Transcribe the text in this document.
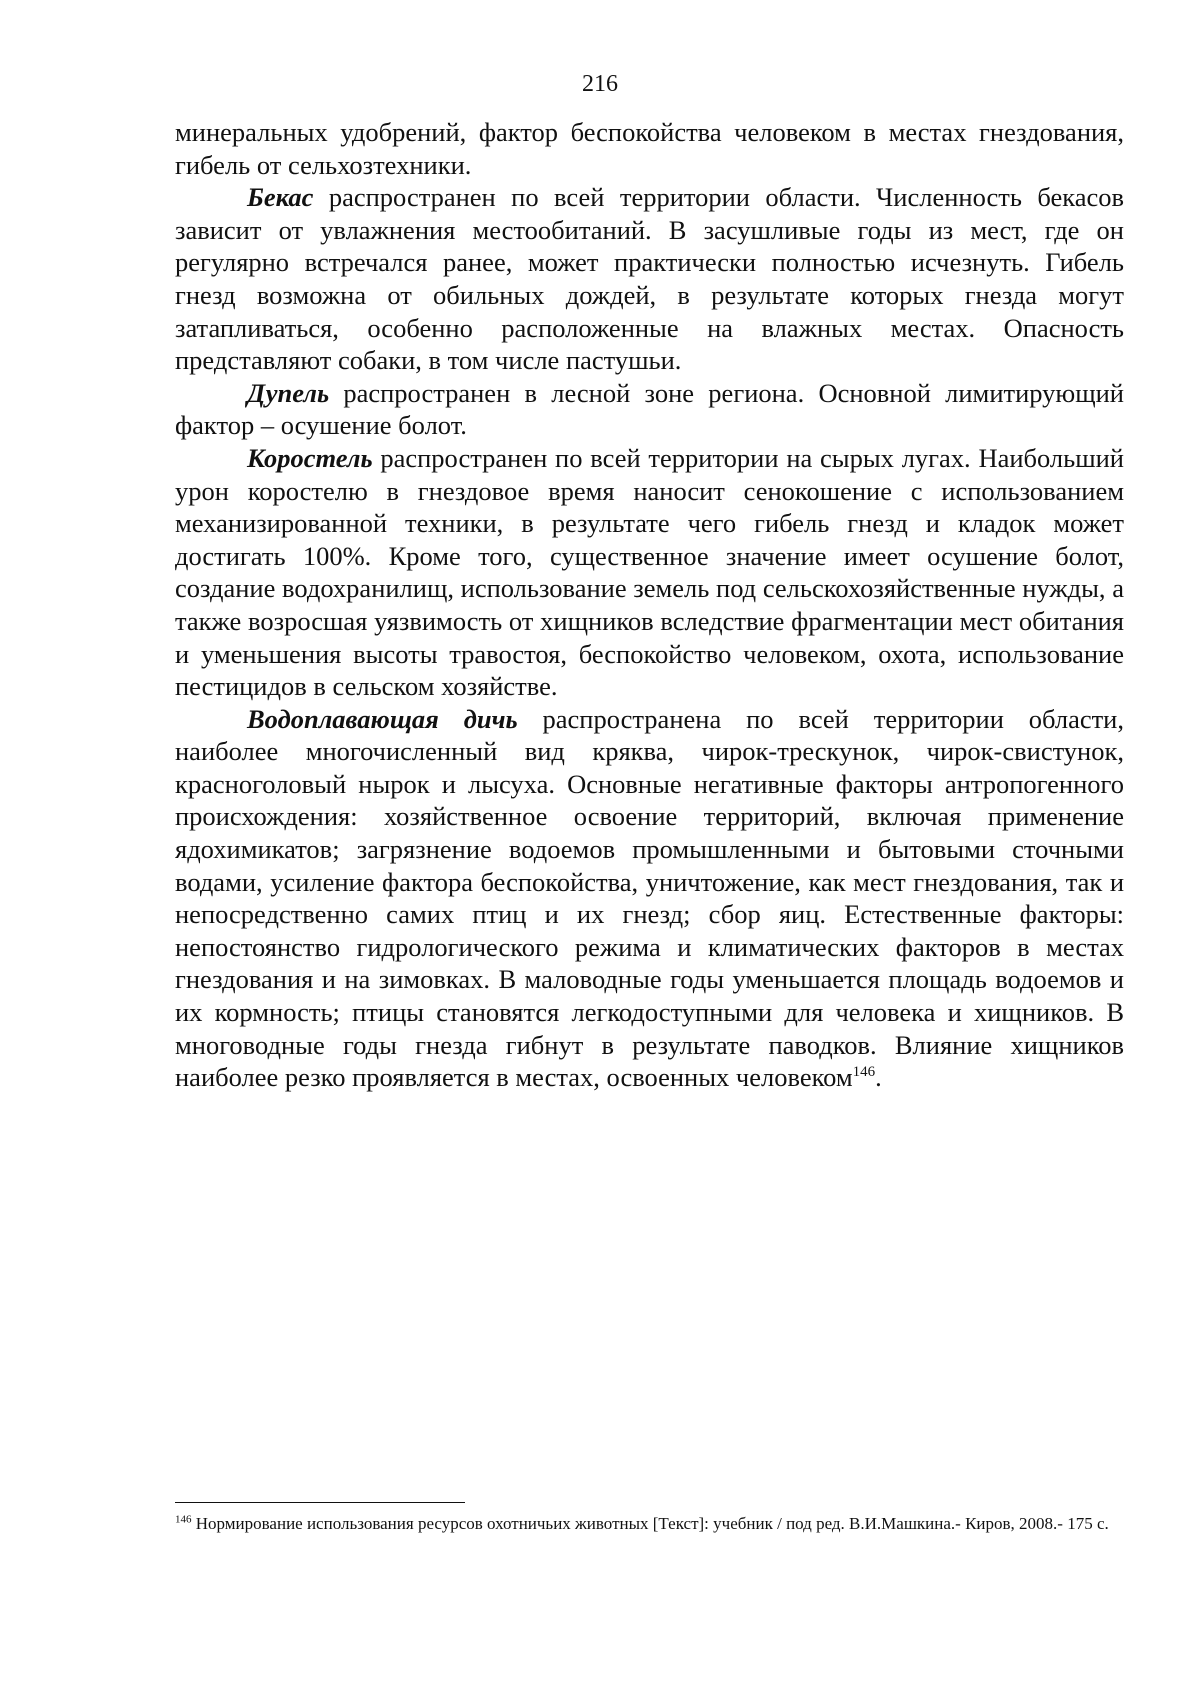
216

минеральных удобрений, фактор беспокойства человеком в местах гнездования, гибель от сельхозтехники.

Бекас распространен по всей территории области. Численность бекасов зависит от увлажнения местообитаний. В засушливые годы из мест, где он регулярно встречался ранее, может практически полностью исчезнуть. Гибель гнезд возможна от обильных дождей, в результате которых гнезда могут затапливаться, особенно расположенные на влажных местах. Опасность представляют собаки, в том числе пастушьи.

Дупель распространен в лесной зоне региона. Основной лимитирующий фактор – осушение болот.

Коростель распространен по всей территории на сырых лугах. Наибольший урон коростелю в гнездовое время наносит сенокошение с использованием механизированной техники, в результате чего гибель гнезд и кладок может достигать 100%. Кроме того, существенное значение имеет осушение болот, создание водохранилищ, использование земель под сельскохозяйственные нужды, а также возросшая уязвимость от хищников вследствие фрагментации мест обитания и уменьшения высоты травостоя, беспокойство человеком, охота, использование пестицидов в сельском хозяйстве.

Водоплавающая дичь распространена по всей территории области, наиболее многочисленный вид кряква, чирок-трескунок, чирок-свистунок, красноголовый нырок и лысуха. Основные негативные факторы антропогенного происхождения: хозяйственное освоение территорий, включая применение ядохимикатов; загрязнение водоемов промышленными и бытовыми сточными водами, усиление фактора беспокойства, уничтожение, как мест гнездования, так и непосредственно самих птиц и их гнезд; сбор яиц. Естественные факторы: непостоянство гидрологического режима и климатических факторов в местах гнездования и на зимовках. В маловодные годы уменьшается площадь водоемов и их кормность; птицы становятся легкодоступными для человека и хищников. В многоводные годы гнезда гибнут в результате паводков. Влияние хищников наиболее резко проявляется в местах, освоенных человеком$^{146}$.

$^{146}$ Нормирование использования ресурсов охотничьих животных [Текст]: учебник / под ред. В.И.Машкина.- Киров, 2008.- 175 с.
